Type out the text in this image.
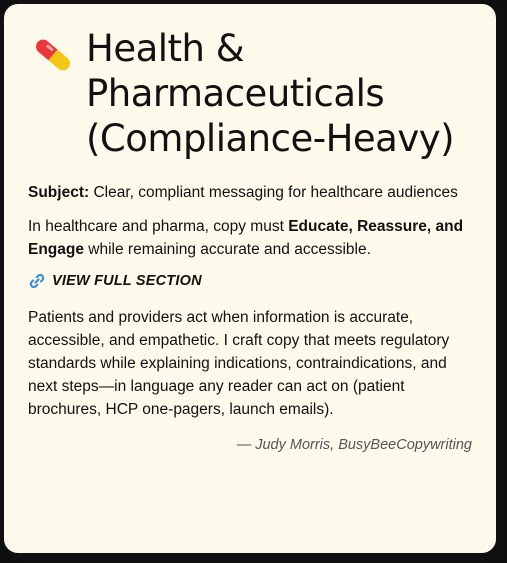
Health & Pharmaceuticals (Compliance-Heavy)

Subject: Clear, compliant messaging for healthcare audiences

In healthcare and pharma, copy must Educate, Reassure, and Engage while remaining accurate and accessible.

VIEW FULL SECTION

Patients and providers act when information is accurate, accessible, and empathetic. I craft copy that meets regulatory standards while explaining indications, contraindications, and next steps—in language any reader can act on (patient brochures, HCP one-pagers, launch emails).

— Judy Morris, BusyBeeCopywriting
